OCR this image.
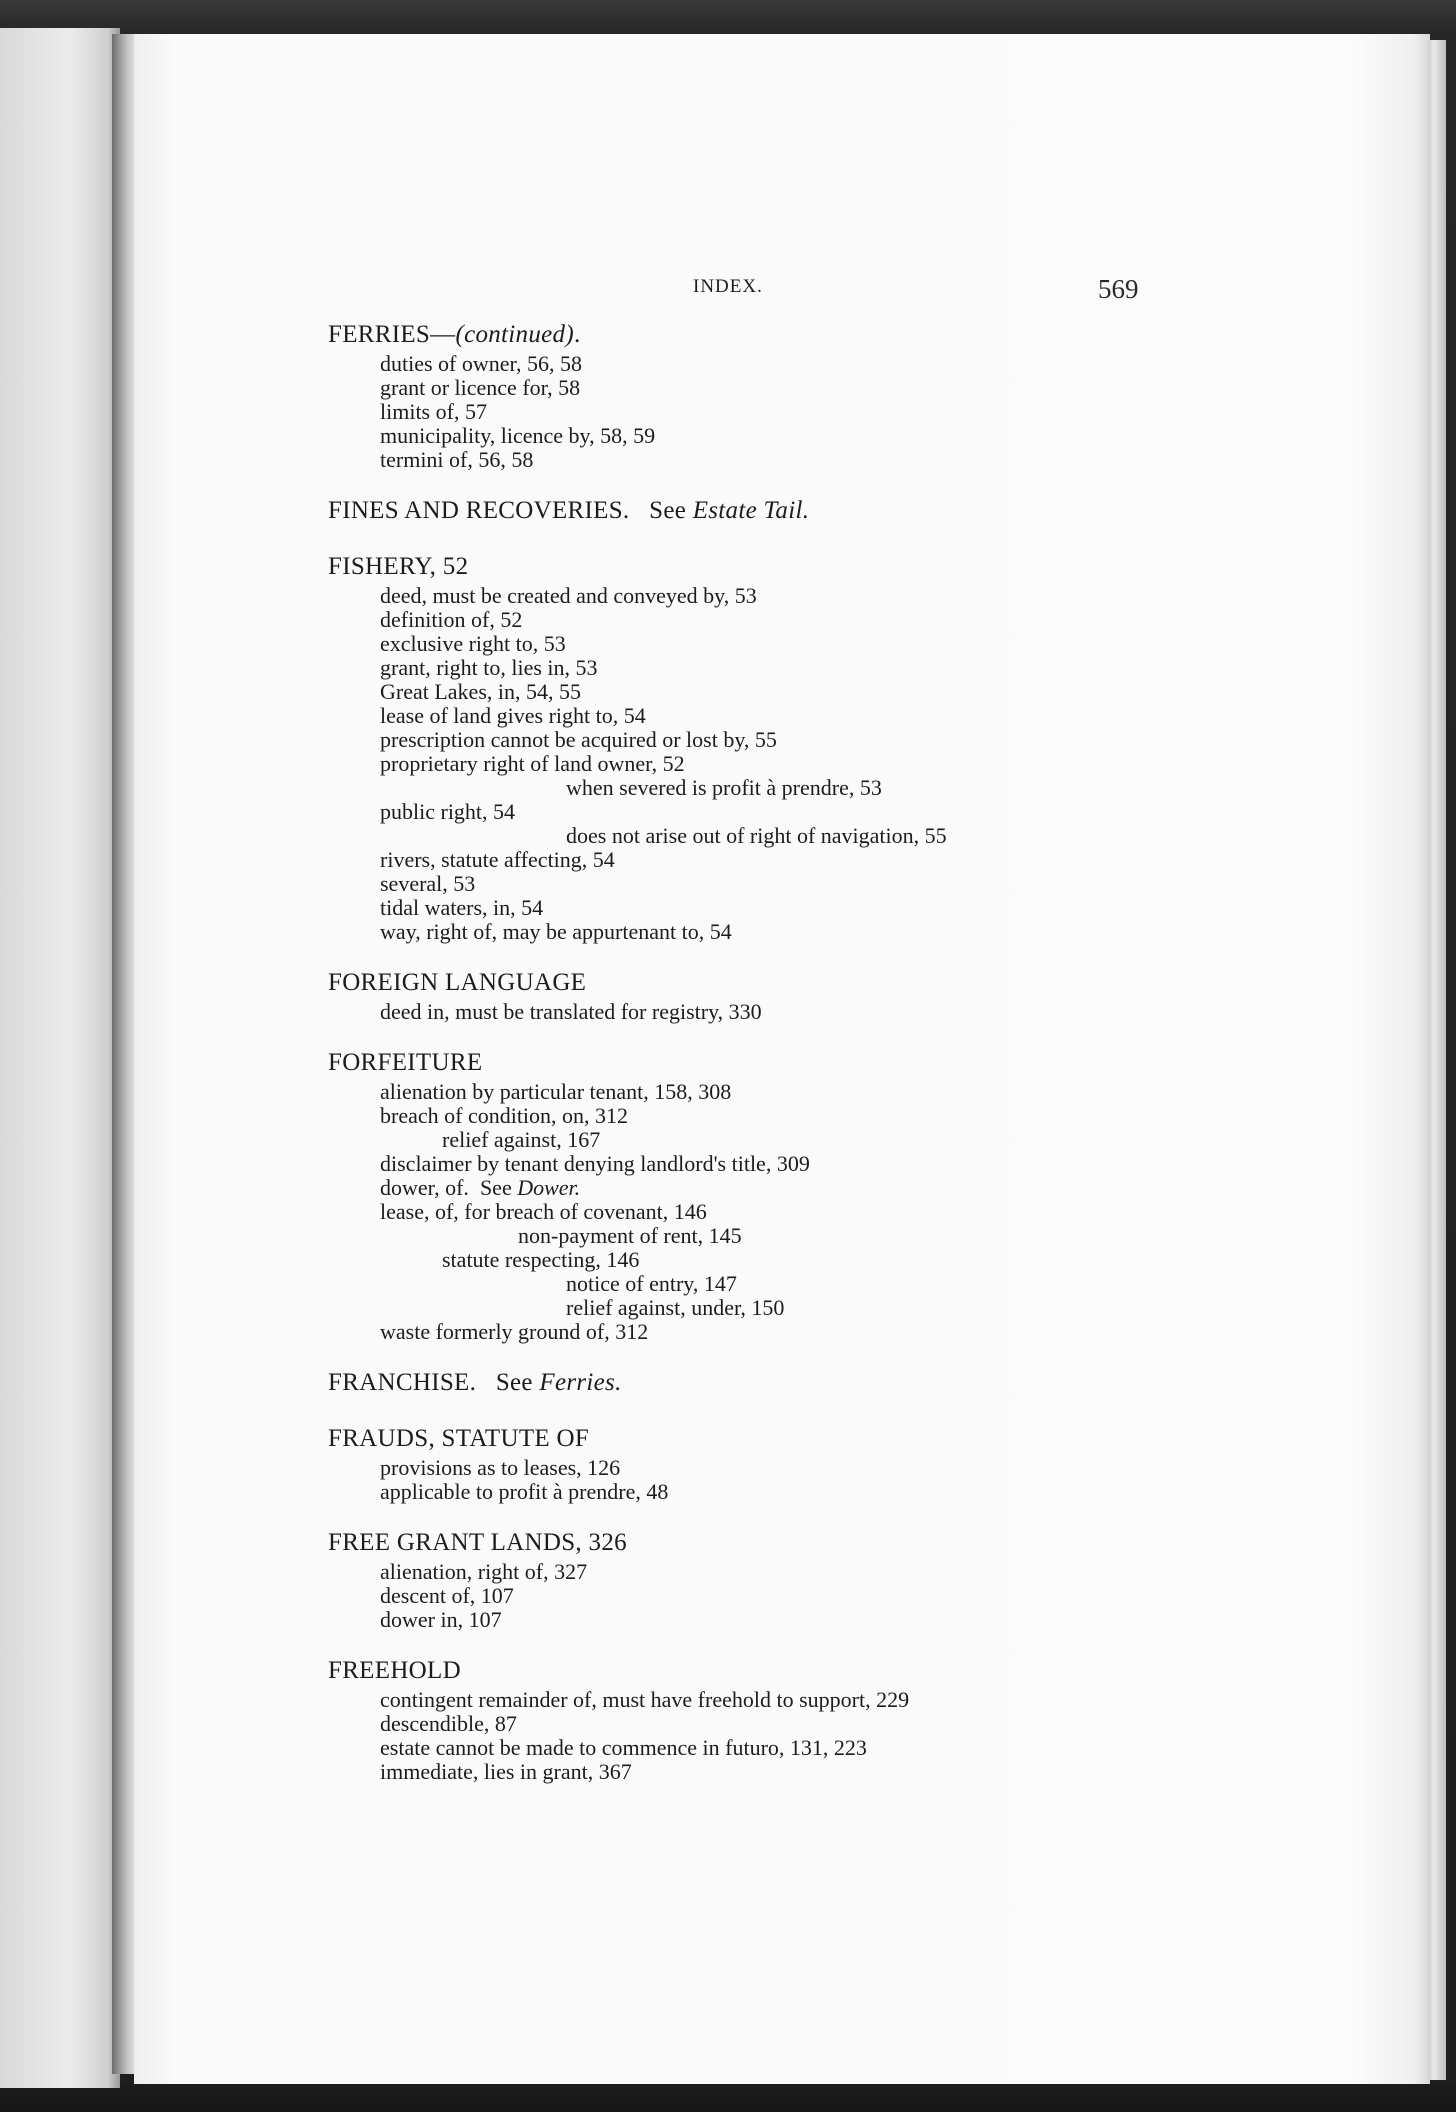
INDEX.	569
FERRIES—(continued).
duties of owner, 56, 58
grant or licence for, 58
limits of, 57
municipality, licence by, 58, 59
termini of, 56, 58
FINES AND RECOVERIES. See Estate Tail.
FISHERY, 52
deed, must be created and conveyed by, 53
definition of, 52
exclusive right to, 53
grant, right to, lies in, 53
Great Lakes, in, 54, 55
lease of land gives right to, 54
prescription cannot be acquired or lost by, 55
proprietary right of land owner, 52
when severed is profit à prendre, 53
public right, 54
does not arise out of right of navigation, 55
rivers, statute affecting, 54
several, 53
tidal waters, in, 54
way, right of, may be appurtenant to, 54
FOREIGN LANGUAGE
deed in, must be translated for registry, 330
FORFEITURE
alienation by particular tenant, 158, 308
breach of condition, on, 312
relief against, 167
disclaimer by tenant denying landlord's title, 309
dower, of. See Dower.
lease, of, for breach of covenant, 146
non-payment of rent, 145
statute respecting, 146
notice of entry, 147
relief against, under, 150
waste formerly ground of, 312
FRANCHISE. See Ferries.
FRAUDS, STATUTE OF
provisions as to leases, 126
applicable to profit à prendre, 48
FREE GRANT LANDS, 326
alienation, right of, 327
descent of, 107
dower in, 107
FREEHOLD
contingent remainder of, must have freehold to support, 229
descendible, 87
estate cannot be made to commence in futuro, 131, 223
immediate, lies in grant, 367
